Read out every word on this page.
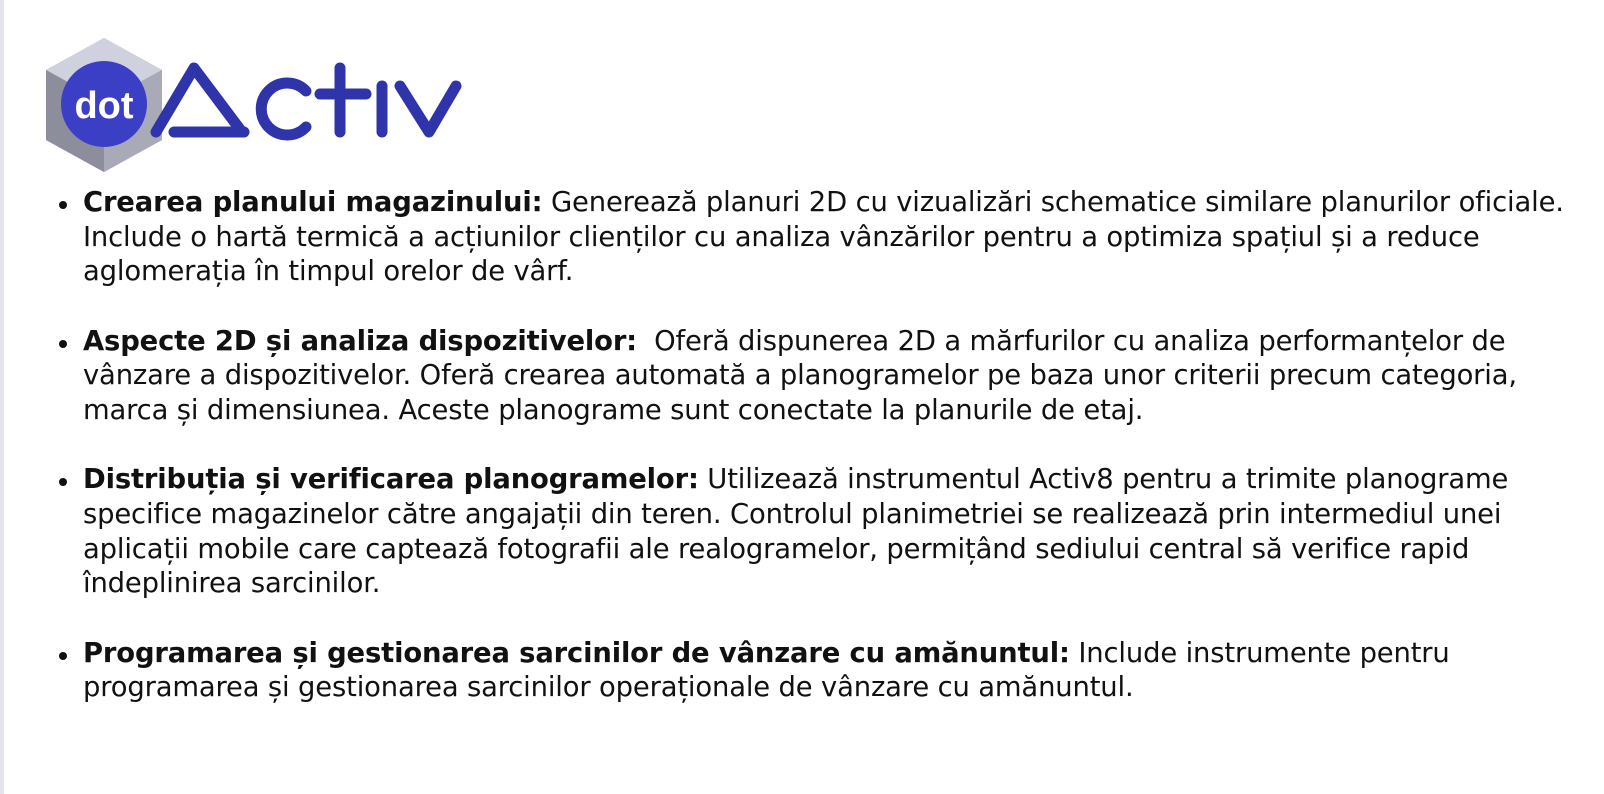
dot
Crearea planului magazinului: Generează planuri 2D cu vizualizări schematice similare planurilor oficiale. Include o hartă termică a acțiunilor clienților cu analiza vânzărilor pentru a optimiza spațiul și a reduce aglomerația în timpul orelor de vârf.
Aspecte 2D și analiza dispozitivelor:  Oferă dispunerea 2D a mărfurilor cu analiza performanțelor de vânzare a dispozitivelor. Oferă crearea automată a planogramelor pe baza unor criterii precum categoria, marca și dimensiunea. Aceste planograme sunt conectate la planurile de etaj.
Distribuția și verificarea planogramelor: Utilizează instrumentul Activ8 pentru a trimite planograme specifice magazinelor către angajații din teren. Controlul planimetriei se realizează prin intermediul unei aplicații mobile care captează fotografii ale realogramelor, permițând sediului central să verifice rapid îndeplinirea sarcinilor.
Programarea și gestionarea sarcinilor de vânzare cu amănuntul: Include instrumente pentru programarea și gestionarea sarcinilor operaționale de vânzare cu amănuntul.
